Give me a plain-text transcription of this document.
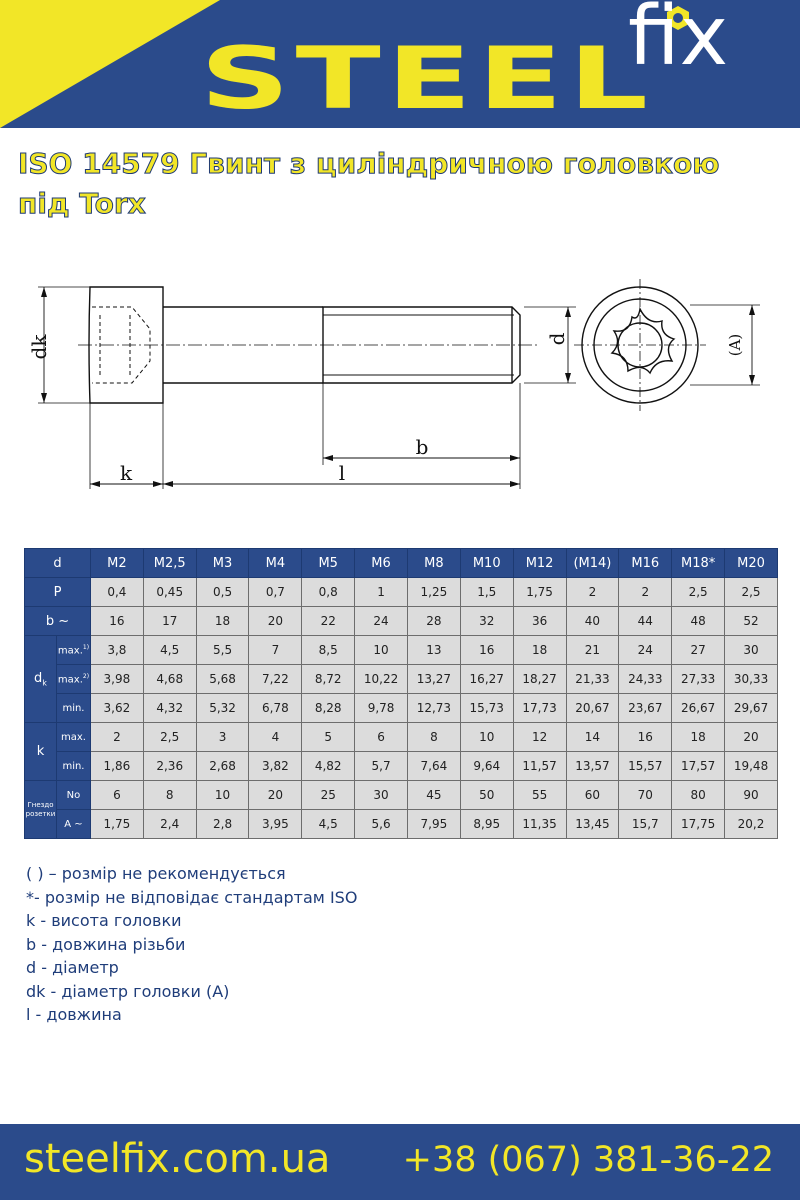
STEEL
fix
ISO 14579 Гвинт з циліндричною головкою
під Torx
dk	d
k	l
b
(A)
d		M2	M2,5	M3	M4	M5	M6	M8	M10	M12	(M14)	M16	M18*	M20
P		0,4	0,45	0,5	0,7	0,8	1	1,25	1,5	1,75	2	2	2,5	2,5
b ~		16	17	18	20	22	24	28	32	36	40	44	48	52
$d_k$	max.$^{1)}$	3,8	4,5	5,5	7	8,5	10	13	16	18	21	24	27	30
	max.$^{2)}$	3,98	4,68	5,68	7,22	8,72	10,22	13,27	16,27	18,27	21,33	24,33	27,33	30,33
	min.	3,62	4,32	5,32	6,78	8,28	9,78	12,73	15,73	17,73	20,67	23,67	26,67	29,67
k	max.	2	2,5	3	4	5	6	8	10	12	14	16	18	20
	min.	1,86	2,36	2,68	3,82	4,82	5,7	7,64	9,64	11,57	13,57	15,57	17,57	19,48

Гнездо
розетки	No	6	8	10	20	25	30	45	50	55	60	70	80	90
	A ~	1,75	2,4	2,8	3,95	4,5	5,6	7,95	8,95	11,35	13,45	15,7	17,75	20,2
( ) – розмір не рекомендується
*- розмір не відповідає стандартам ISO
k - висота головки
b - довжина різьби
d - діаметр
dk - діаметр головки (A)
l - довжина
steelfix.com.ua +38 (067) 381-36-22
